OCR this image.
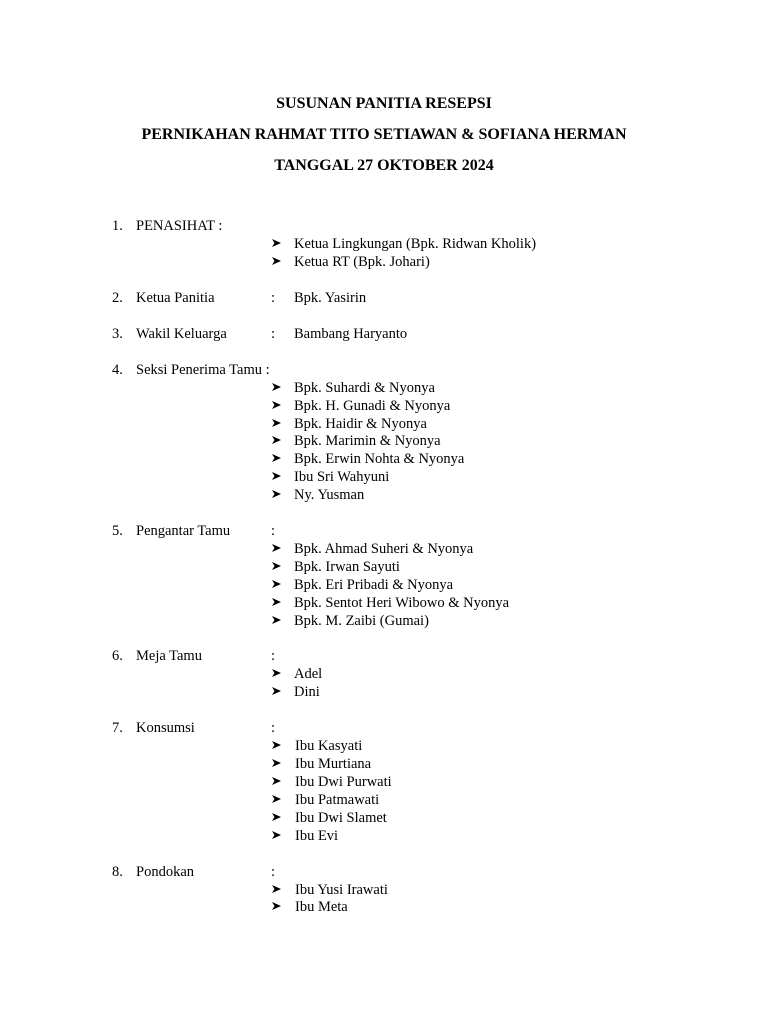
SUSUNAN PANITIA RESEPSI
PERNIKAHAN RAHMAT TITO SETIAWAN & SOFIANA HERMAN
TANGGAL 27 OKTOBER 2024
1. PENASIHAT :
Ketua Lingkungan (Bpk. Ridwan Kholik)
Ketua RT (Bpk. Johari)
2. Ketua Panitia	: Bpk. Yasirin
3. Wakil Keluarga	: Bambang Haryanto
4. Seksi Penerima Tamu :
Bpk. Suhardi & Nyonya
Bpk. H. Gunadi & Nyonya
Bpk. Haidir & Nyonya
Bpk. Marimin & Nyonya
Bpk. Erwin Nohta & Nyonya
Ibu Sri Wahyuni
Ny. Yusman
5. Pengantar Tamu	:
Bpk. Ahmad Suheri & Nyonya
Bpk. Irwan Sayuti
Bpk. Eri Pribadi & Nyonya
Bpk. Sentot Heri Wibowo & Nyonya
Bpk. M. Zaibi (Gumai)
6. Meja Tamu	:
Adel
Dini
7. Konsumsi	:
Ibu Kasyati
Ibu Murtiana
Ibu Dwi Purwati
Ibu Patmawati
Ibu Dwi Slamet
Ibu Evi
8. Pondokan	:
Ibu Yusi Irawati
Ibu Meta
